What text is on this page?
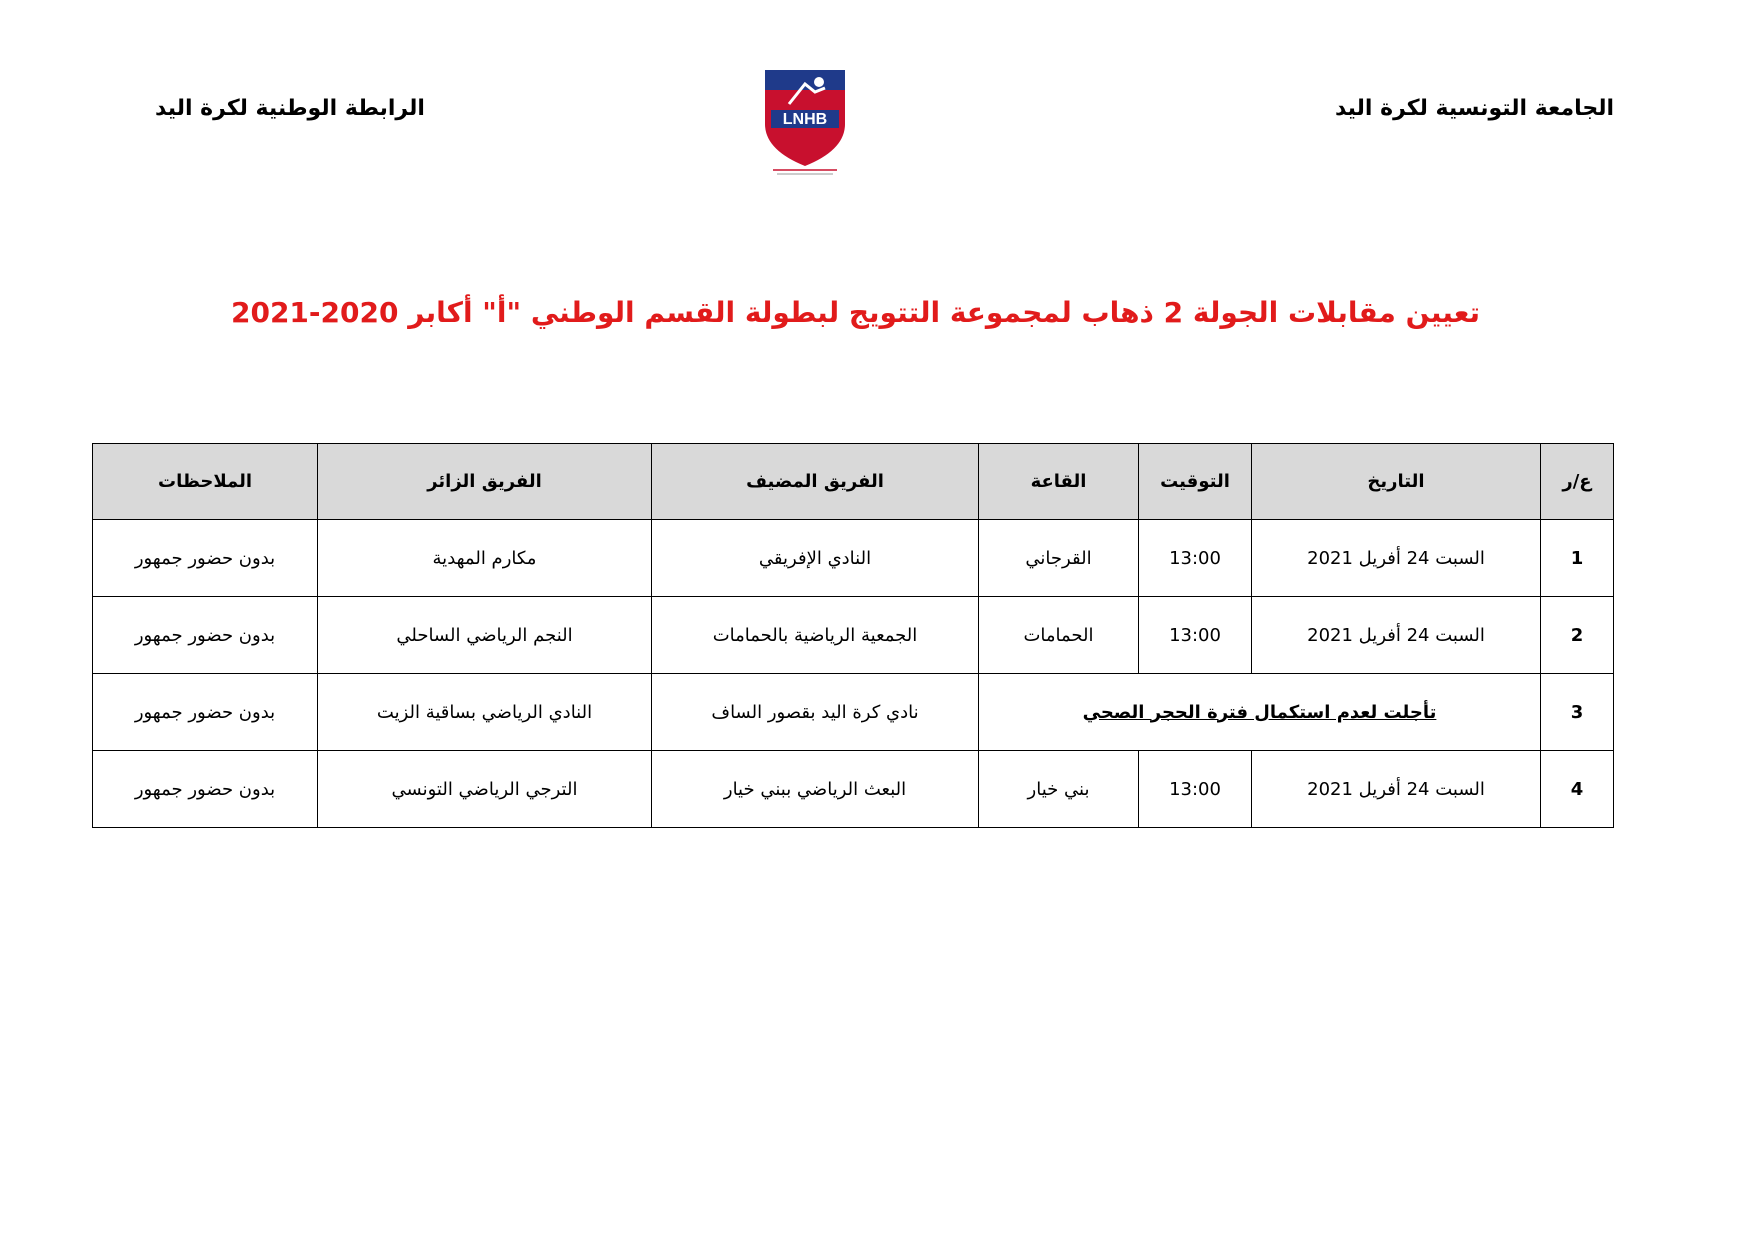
الجامعة التونسية لكرة اليد
الرابطة الوطنية لكرة اليد	LNHB
تعيين مقابلات الجولة 2 ذهاب لمجموعة التتويج لبطولة القسم الوطني "أ" أكابر 2020-2021
ع/ر	التاريخ	التوقيت	القاعة	الفريق المضيف	الفريق الزائر	الملاحظات
1	السبت 24 أفريل 2021	13:00	القرجاني	النادي الإفريقي	مكارم المهدية	بدون حضور جمهور
2	السبت 24 أفريل 2021	13:00	الحمامات	الجمعية الرياضية بالحمامات	النجم الرياضي الساحلي	بدون حضور جمهور
3	تأجلت لعدم استكمال فترة الحجر الصحي			نادي كرة اليد بقصور الساف	النادي الرياضي بساقية الزيت	بدون حضور جمهور
4	السبت 24 أفريل 2021	13:00	بني خيار	البعث الرياضي ببني خيار	الترجي الرياضي التونسي	بدون حضور جمهور
